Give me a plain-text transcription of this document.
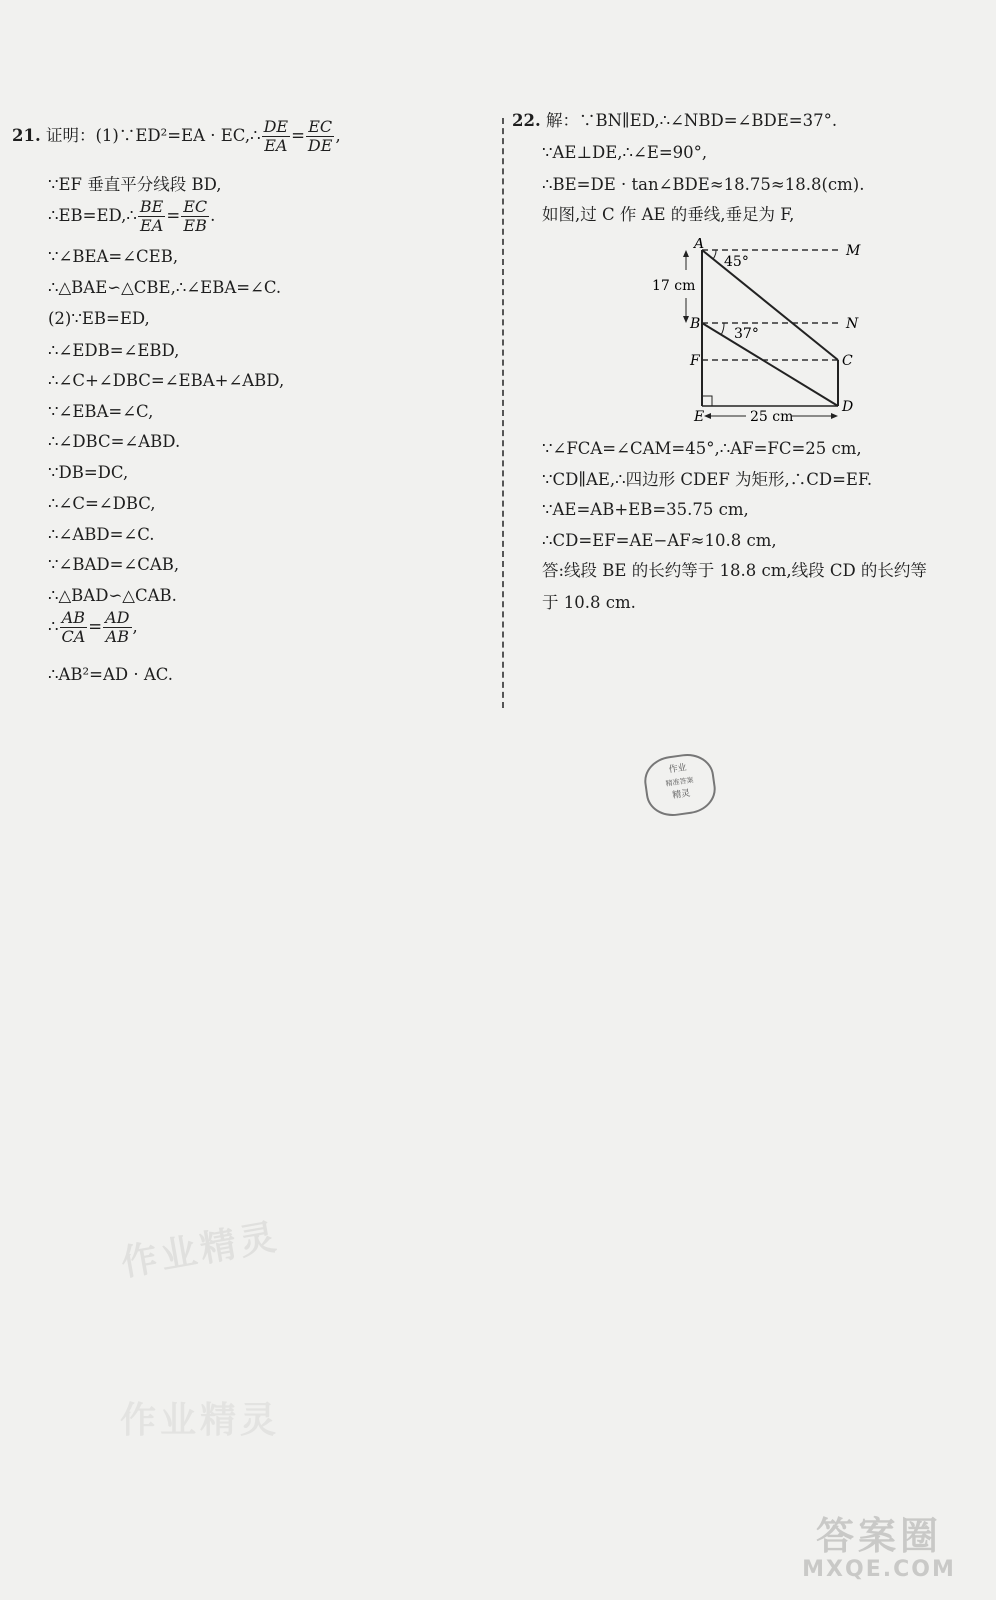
21. 证明：(1)∵ED²=EA · EC,∴ $\frac{DE}{EA} = \frac{EC}{DE}$ ,
∵EF 垂直平分线段 BD,
∴EB=ED,∴ $\frac{BE}{EA} = \frac{EC}{EB}$ .
∵∠BEA=∠CEB,
∴△BAE∽△CBE,∴∠EBA=∠C.
(2)∵EB=ED,
∴∠EDB=∠EBD,
∴∠C+∠DBC=∠EBA+∠ABD,
∵∠EBA=∠C,
∴∠DBC=∠ABD.
∵DB=DC,
∴∠C=∠DBC,
∴∠ABD=∠C.
∵∠BAD=∠CAB,
∴△BAD∽△CAB.
∴ $\frac{AB}{CA} = \frac{AD}{AB}$ ,
∴AB²=AD · AC.
A	M
B	N
F	C
E
D
45°
37°
17 cm
25 cm
22. 解：∵BN∥ED,∴∠NBD=∠BDE=37°.
∵AE⊥DE,∴∠E=90°,
∴BE=DE · tan∠BDE≈18.75≈18.8(cm).
如图,过 C 作 AE 的垂线,垂足为 F,
∵∠FCA=∠CAM=45°,∴AF=FC=25 cm,
∵CD∥AE,∴四边形 CDEF 为矩形,∴CD=EF.
∵AE=AB+EB=35.75 cm,
∴CD=EF=AE−AF≈10.8 cm,
答:线段 BE 的长约等于 18.8 cm,线段 CD 的长约等
于 10.8 cm.
作业
精准答案
精灵
作业精灵
作业精灵
答案圈
MXQE.COM
